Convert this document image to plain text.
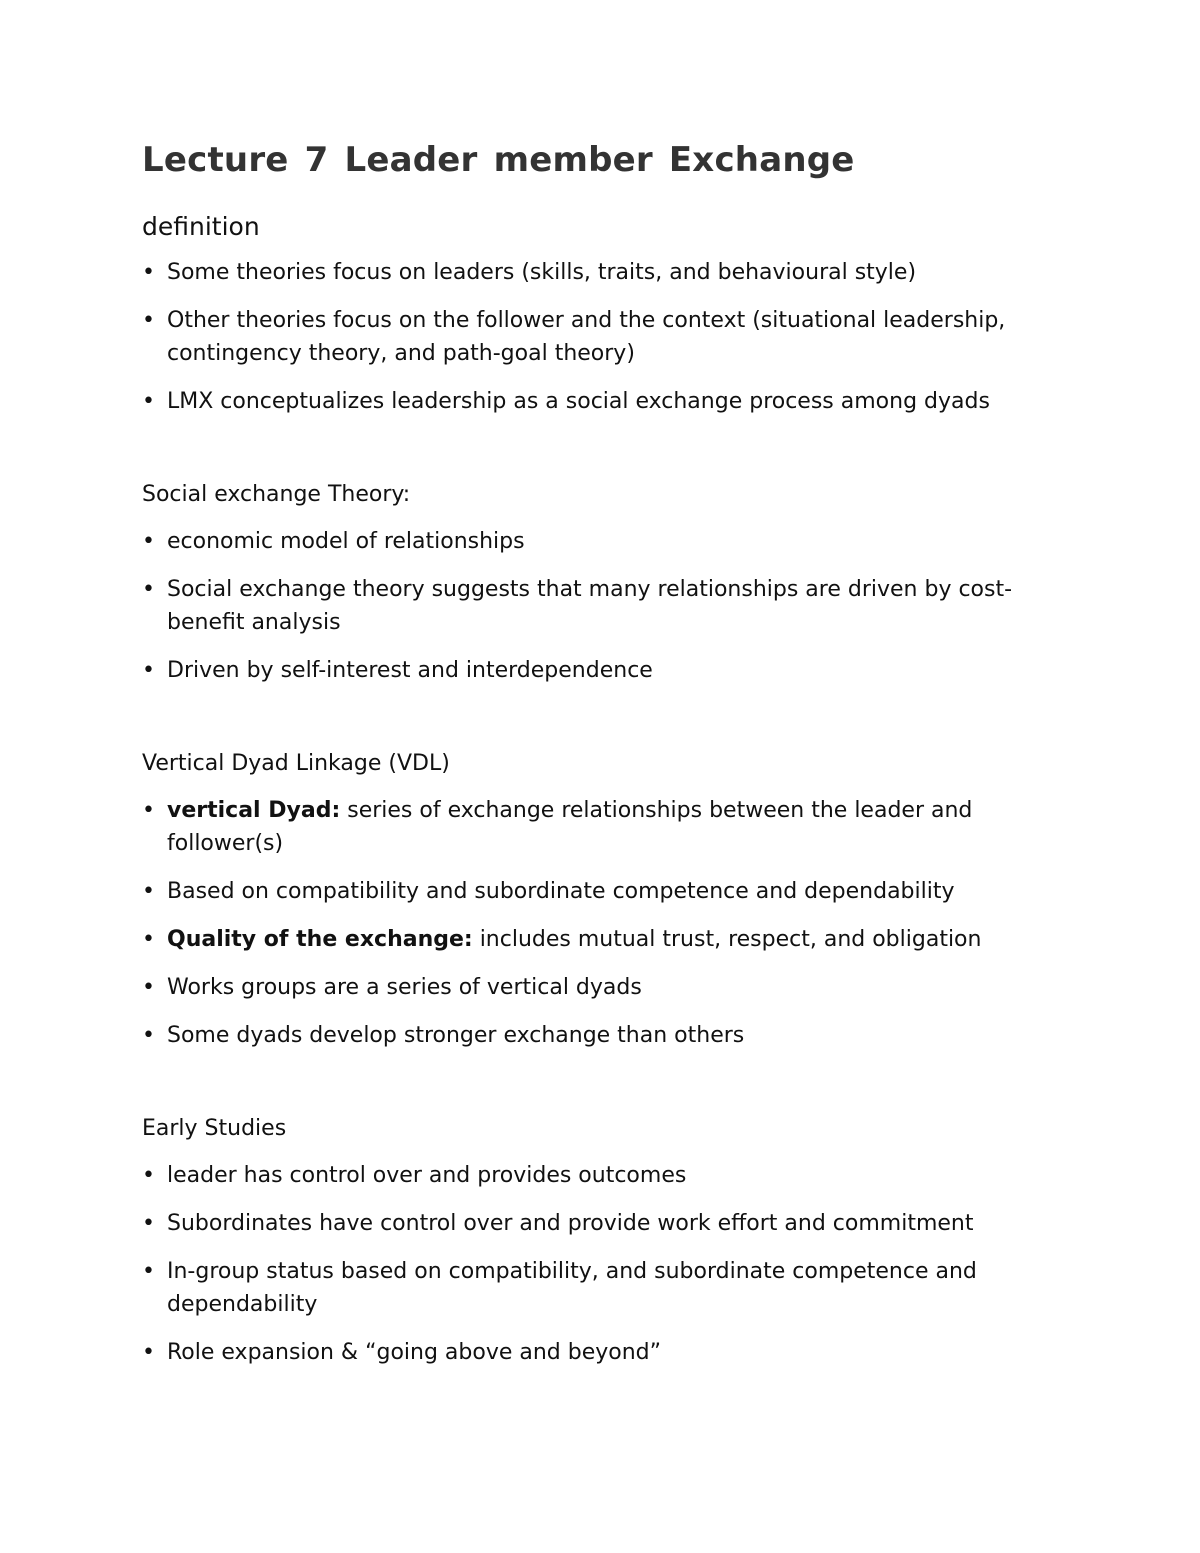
Lecture 7 Leader member Exchange
definition
• Some theories focus on leaders (skills, traits, and behavioural style)
• Other theories focus on the follower and the context (situational leadership, contingency theory, and path-goal theory)
• LMX conceptualizes leadership as a social exchange process among dyads
Social exchange Theory:
• economic model of relationships
• Social exchange theory suggests that many relationships are driven by cost-benefit analysis
• Driven by self-interest and interdependence
Vertical Dyad Linkage (VDL)
• vertical Dyad: series of exchange relationships between the leader and follower(s)
• Based on compatibility and subordinate competence and dependability
• Quality of the exchange: includes mutual trust, respect, and obligation
• Works groups are a series of vertical dyads
• Some dyads develop stronger exchange than others
Early Studies
• leader has control over and provides outcomes
• Subordinates have control over and provide work effort and commitment
• In-group status based on compatibility, and subordinate competence and dependability
• Role expansion & “going above and beyond”
